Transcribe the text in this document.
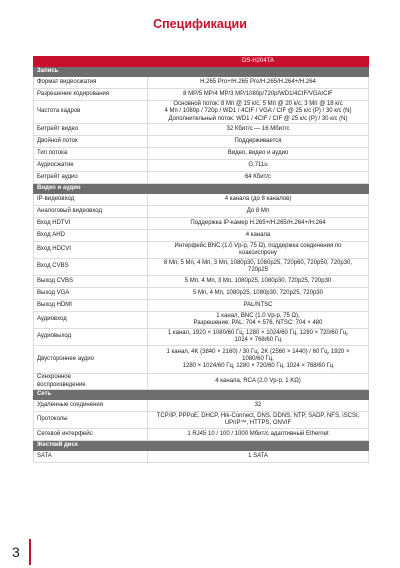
Спецификации
	DS-H204TA
Запись	
Формат видеосжатия	H.265 Pro+/H.265 Pro/H.265/H.264+/H.264
Разрешение кодирования	8 MP/5 MP/4 MP/3 MP/1080p/720p/WD1/4CIF/VGA/CIF
Частота кадров	Основной поток: 8 Мп @ 15 к/с, 5 Мп @ 20 к/с, 3 Мп @ 18 к/с
4 Мп / 1080p / 720p / WD1 / 4CIF / VGA / CIF @ 25 к/с (P) / 30 к/с (N)
Дополнительный поток: WD1 / 4CIF / CIF @ 25 к/с (P) / 30 к/с (N)
Битрейт видео	32 Кбит/с — 16 Мбит/с
Двойной поток	Поддерживается
Тип потока	Видео, видео и аудио
Аудиосжатие	G.711u
Битрейт аудио	64 Кбит/с
Видео и аудио	
IP-видеовход	4 канала (до 8 каналов)
Аналоговый видеовход	До 8 Мп
Вход HDTVI	Поддержка IP-камер H.265+/H.265/H.264+/H.264
Вход AHD	4 канала
Вход HDCVI	Интерфейс BNC (1.0 Vp-p, 75 Ω), поддержка соединения по
коаксиспрону
Вход CVBS	8 Мп, 5 Мп, 4 Мп, 3 Мп, 1080p30, 1080p25, 720p60, 720p50, 720p30,
720p25
Выход CVBS	5 Мп, 4 Мп, 3 Мп, 1080p25, 1080p30, 720p25, 720p30
Выход VGA	5 Мп, 4 Мп, 1080p25, 1080p30, 720p25, 720p30
Выход HDMI	PAL/NTSC
Аудиовход	1 канал, BNC (1.0 Vp-p, 75 Ω),
Разрешение: PAL: 704 × 576, NTSC: 704 × 480
Аудиовыход	1 канал, 1920 × 1080/60 Гц, 1280 × 1024/60 Гц, 1280 × 720/60 Гц,
1024 × 768/60 Гц
Двустороннее аудио	1 канал, 4K (3840 × 2160) / 30 Гц, 2K (2560 × 1440) / 60 Гц, 1920 ×
1080/60 Гц,
1280 × 1024/60 Гц, 1280 × 720/60 Гц, 1024 × 768/60 Гц
Синхронное
воспроизведение	4 канала, RCA (2.0 Vp-p, 1 KΩ)
Сеть	
Удаленные соединения	32
Протоколы	TCP/IP, PPPoE, DHCP, Hik-Connect, DNS, DDNS, NTP, SADP, NFS, iSCSI,
UPnP™, HTTPS, ONVIF
Сетевой интерфейс	1 RJ45 10 / 100 / 1000 Мбит/с адаптивный Ethernet
Жесткий диск	
SATA	1 SATA
3
